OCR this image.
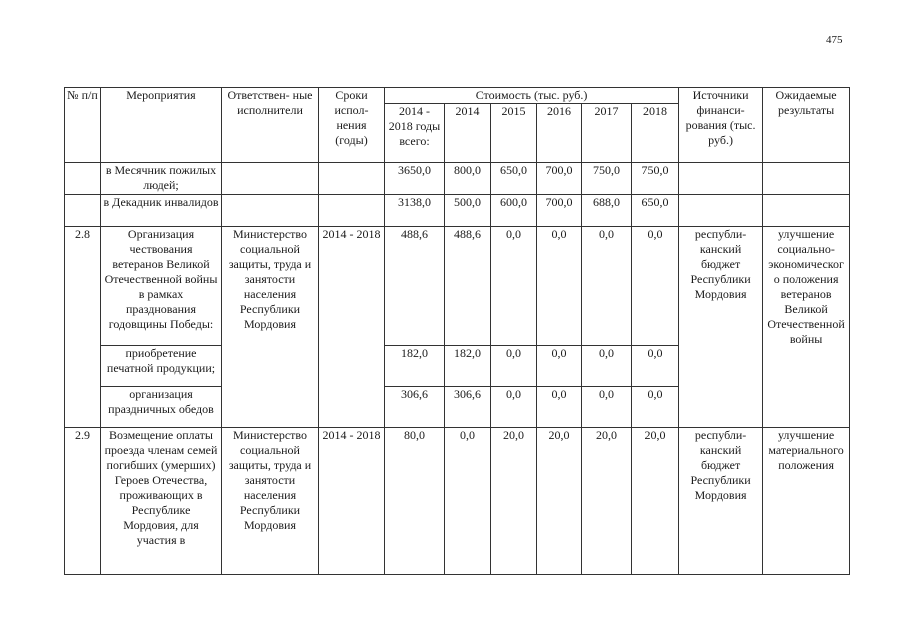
475
№ п/п	Мероприятия	Ответствен- ные исполнители	Сроки испол- нения (годы)	Стоимость (тыс. руб.)						Источники финанси- рования (тыс. руб.)	Ожидаемые результаты
				2014 - 2018 годы всего:	2014	2015	2016	2017	2018		
	в Месячник пожилых людей;			3650,0	800,0	650,0	700,0	750,0	750,0		
	в Декадник инвалидов			3138,0	500,0	600,0	700,0	688,0	650,0		
2.8	Организация чествования ветеранов Великой Отечественной войны в рамках празднования годовщины Победы:	Министерство социальной защиты, труда и занятости населения Республики Мордовия	2014 - 2018	488,6	488,6	0,0	0,0	0,0	0,0	республи- канский бюджет Республики Мордовия	улучшение социально- экономическог о положения ветеранов Великой Отечественной войны
	приобретение печатной продукции;			182,0	182,0	0,0	0,0	0,0	0,0		
	организация праздничных обедов			306,6	306,6	0,0	0,0	0,0	0,0		
2.9	Возмещение оплаты проезда членам семей погибших (умерших) Героев Отечества, проживающих в Республике Мордовия, для участия в	Министерство социальной защиты, труда и занятости населения Республики Мордовия	2014 - 2018	80,0	0,0	20,0	20,0	20,0	20,0	республи- канский бюджет Республики Мордовия	улучшение материального положения
